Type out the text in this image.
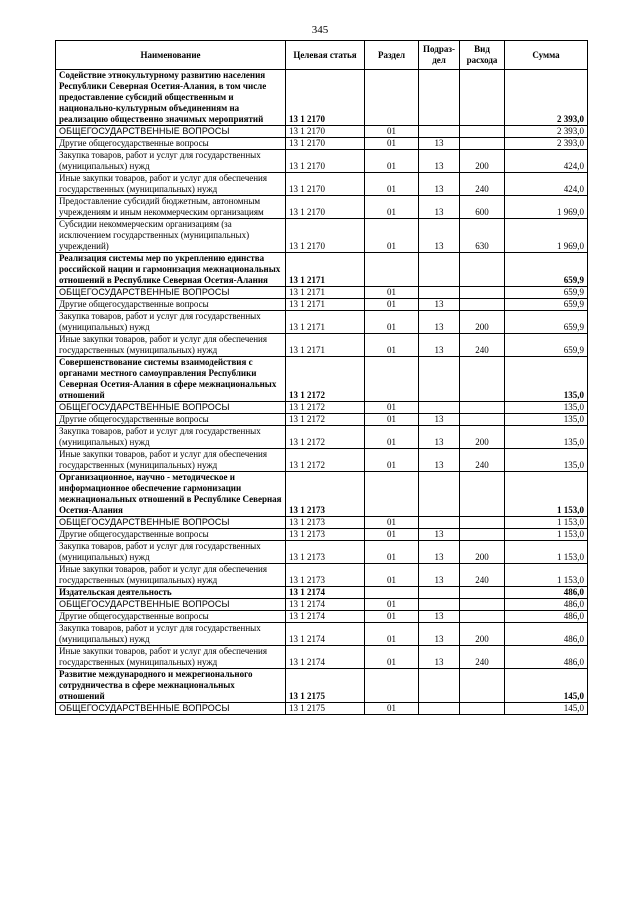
345
Наименование	Целевая статья	Раздел	Подраз- дел	Вид расхода	Сумма
Содействие этнокультурному развитию населения Республики Северная Осетия-Алания, в том числе предоставление субсидий общественным и национально-культурным объединениям на реализацию общественно значимых мероприятий	13 1 2170				2 393,0
ОБЩЕГОСУДАРСТВЕННЫЕ ВОПРОСЫ	13 1 2170	01			2 393,0
Другие общегосударственные вопросы	13 1 2170	01	13		2 393,0
Закупка товаров, работ и услуг для государственных (муниципальных) нужд	13 1 2170	01	13	200	424,0
Иные закупки товаров, работ и услуг для обеспечения государственных (муниципальных) нужд	13 1 2170	01	13	240	424,0
Предоставление субсидий бюджетным, автономным учреждениям и иным некоммерческим организациям	13 1 2170	01	13	600	1 969,0
Субсидии некоммерческим организациям (за исключением государственных (муниципальных) учреждений)	13 1 2170	01	13	630	1 969,0
Реализация системы мер по укреплению единства российской нации и гармонизация межнациональных отношений в Республике Северная Осетия-Алания	13 1 2171				659,9
ОБЩЕГОСУДАРСТВЕННЫЕ ВОПРОСЫ	13 1 2171	01			659,9
Другие общегосударственные вопросы	13 1 2171	01	13		659,9
Закупка товаров, работ и услуг для государственных (муниципальных) нужд	13 1 2171	01	13	200	659,9
Иные закупки товаров, работ и услуг для обеспечения государственных (муниципальных) нужд	13 1 2171	01	13	240	659,9
Совершенствование системы взаимодействия с органами местного самоуправления Республики Северная Осетия-Алания в сфере межнациональных отношений	13 1 2172				135,0
ОБЩЕГОСУДАРСТВЕННЫЕ ВОПРОСЫ	13 1 2172	01			135,0
Другие общегосударственные вопросы	13 1 2172	01	13		135,0
Закупка товаров, работ и услуг для государственных (муниципальных) нужд	13 1 2172	01	13	200	135,0
Иные закупки товаров, работ и услуг для обеспечения государственных (муниципальных) нужд	13 1 2172	01	13	240	135,0
Организационное, научно - методическое и информационное обеспечение гармонизации межнациональных отношений в Республике Северная Осетия-Алания	13 1 2173				1 153,0
ОБЩЕГОСУДАРСТВЕННЫЕ ВОПРОСЫ	13 1 2173	01			1 153,0
Другие общегосударственные вопросы	13 1 2173	01	13		1 153,0
Закупка товаров, работ и услуг для государственных (муниципальных) нужд	13 1 2173	01	13	200	1 153,0
Иные закупки товаров, работ и услуг для обеспечения государственных (муниципальных) нужд	13 1 2173	01	13	240	1 153,0
Издательская деятельность	13 1 2174				486,0
ОБЩЕГОСУДАРСТВЕННЫЕ ВОПРОСЫ	13 1 2174	01			486,0
Другие общегосударственные вопросы	13 1 2174	01	13		486,0
Закупка товаров, работ и услуг для государственных (муниципальных) нужд	13 1 2174	01	13	200	486,0
Иные закупки товаров, работ и услуг для обеспечения государственных (муниципальных) нужд	13 1 2174	01	13	240	486,0
Развитие международного и межрегионального сотрудничества в сфере межнациональных отношений	13 1 2175				145,0
ОБЩЕГОСУДАРСТВЕННЫЕ ВОПРОСЫ	13 1 2175	01			145,0
